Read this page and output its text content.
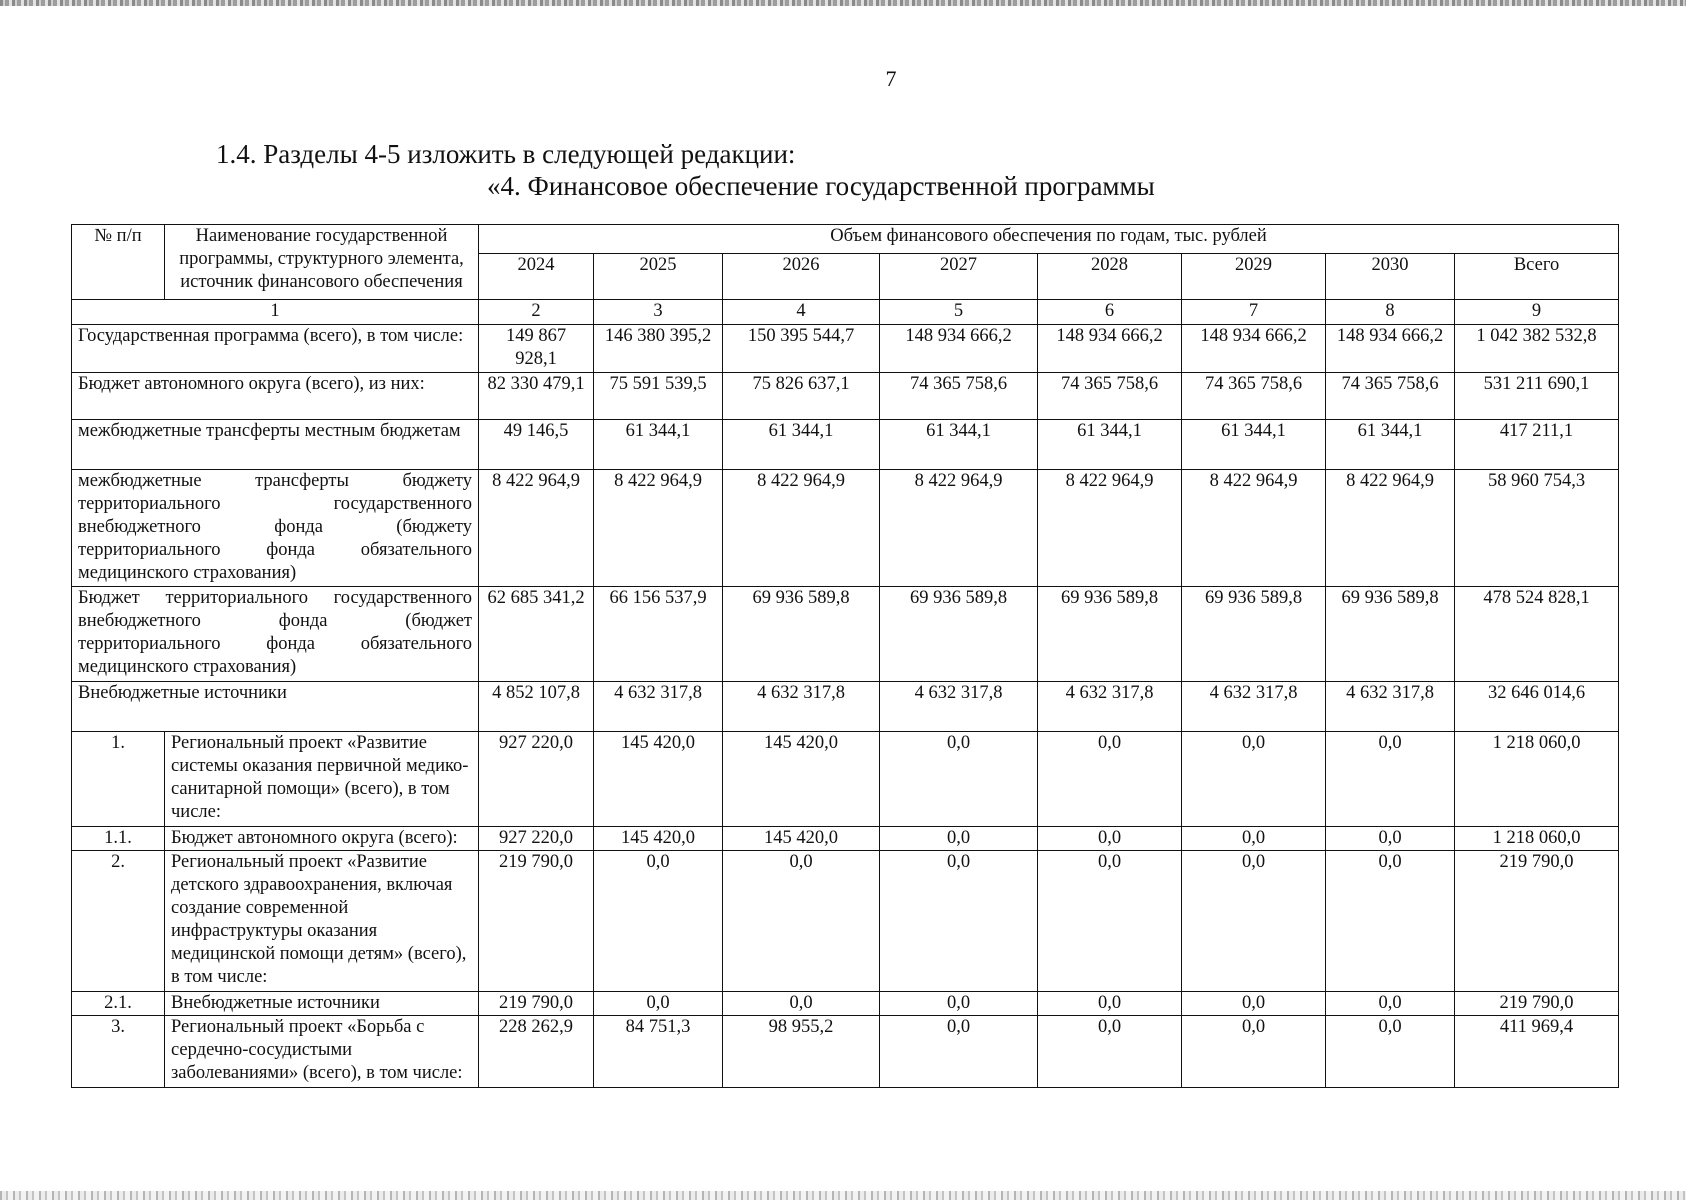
7
1.4. Разделы 4-5 изложить в следующей редакции:
«4. Финансовое обеспечение государственной программы
№ п/п	Наименование государственной программы, структурного элемента, источник финансового обеспечения	Объем финансового обеспечения по годам, тыс. рублей							
		2024	2025	2026	2027	2028	2029	2030	Всего
1		2	3	4	5	6	7	8	9
Государственная программа (всего), в том числе:		149 867 928,1	146 380 395,2	150 395 544,7	148 934 666,2	148 934 666,2	148 934 666,2	148 934 666,2	1 042 382 532,8
Бюджет автономного округа (всего), из них:		82 330 479,1	75 591 539,5	75 826 637,1	74 365 758,6	74 365 758,6	74 365 758,6	74 365 758,6	531 211 690,1
межбюджетные трансферты местным бюджетам		49 146,5	61 344,1	61 344,1	61 344,1	61 344,1	61 344,1	61 344,1	417 211,1
межбюджетные трансферты бюджету территориального государственного внебюджетного фонда (бюджету территориального фонда обязательного медицинского страхования)		8 422 964,9	8 422 964,9	8 422 964,9	8 422 964,9	8 422 964,9	8 422 964,9	8 422 964,9	58 960 754,3
Бюджет территориального государственного внебюджетного фонда (бюджет территориального фонда обязательного медицинского страхования)		62 685 341,2	66 156 537,9	69 936 589,8	69 936 589,8	69 936 589,8	69 936 589,8	69 936 589,8	478 524 828,1
Внебюджетные источники		4 852 107,8	4 632 317,8	4 632 317,8	4 632 317,8	4 632 317,8	4 632 317,8	4 632 317,8	32 646 014,6
1.	Региональный проект «Развитие системы оказания первичной медико-санитарной помощи» (всего), в том числе:	927 220,0	145 420,0	145 420,0	0,0	0,0	0,0	0,0	1 218 060,0
1.1.	Бюджет автономного округа (всего):	927 220,0	145 420,0	145 420,0	0,0	0,0	0,0	0,0	1 218 060,0
2.	Региональный проект «Развитие детского здравоохранения, включая создание современной инфраструктуры оказания медицинской помощи детям» (всего), в том числе:	219 790,0	0,0	0,0	0,0	0,0	0,0	0,0	219 790,0
2.1.	Внебюджетные источники	219 790,0	0,0	0,0	0,0	0,0	0,0	0,0	219 790,0
3.	Региональный проект «Борьба с сердечно-сосудистыми заболеваниями» (всего), в том числе:	228 262,9	84 751,3	98 955,2	0,0	0,0	0,0	0,0	411 969,4
